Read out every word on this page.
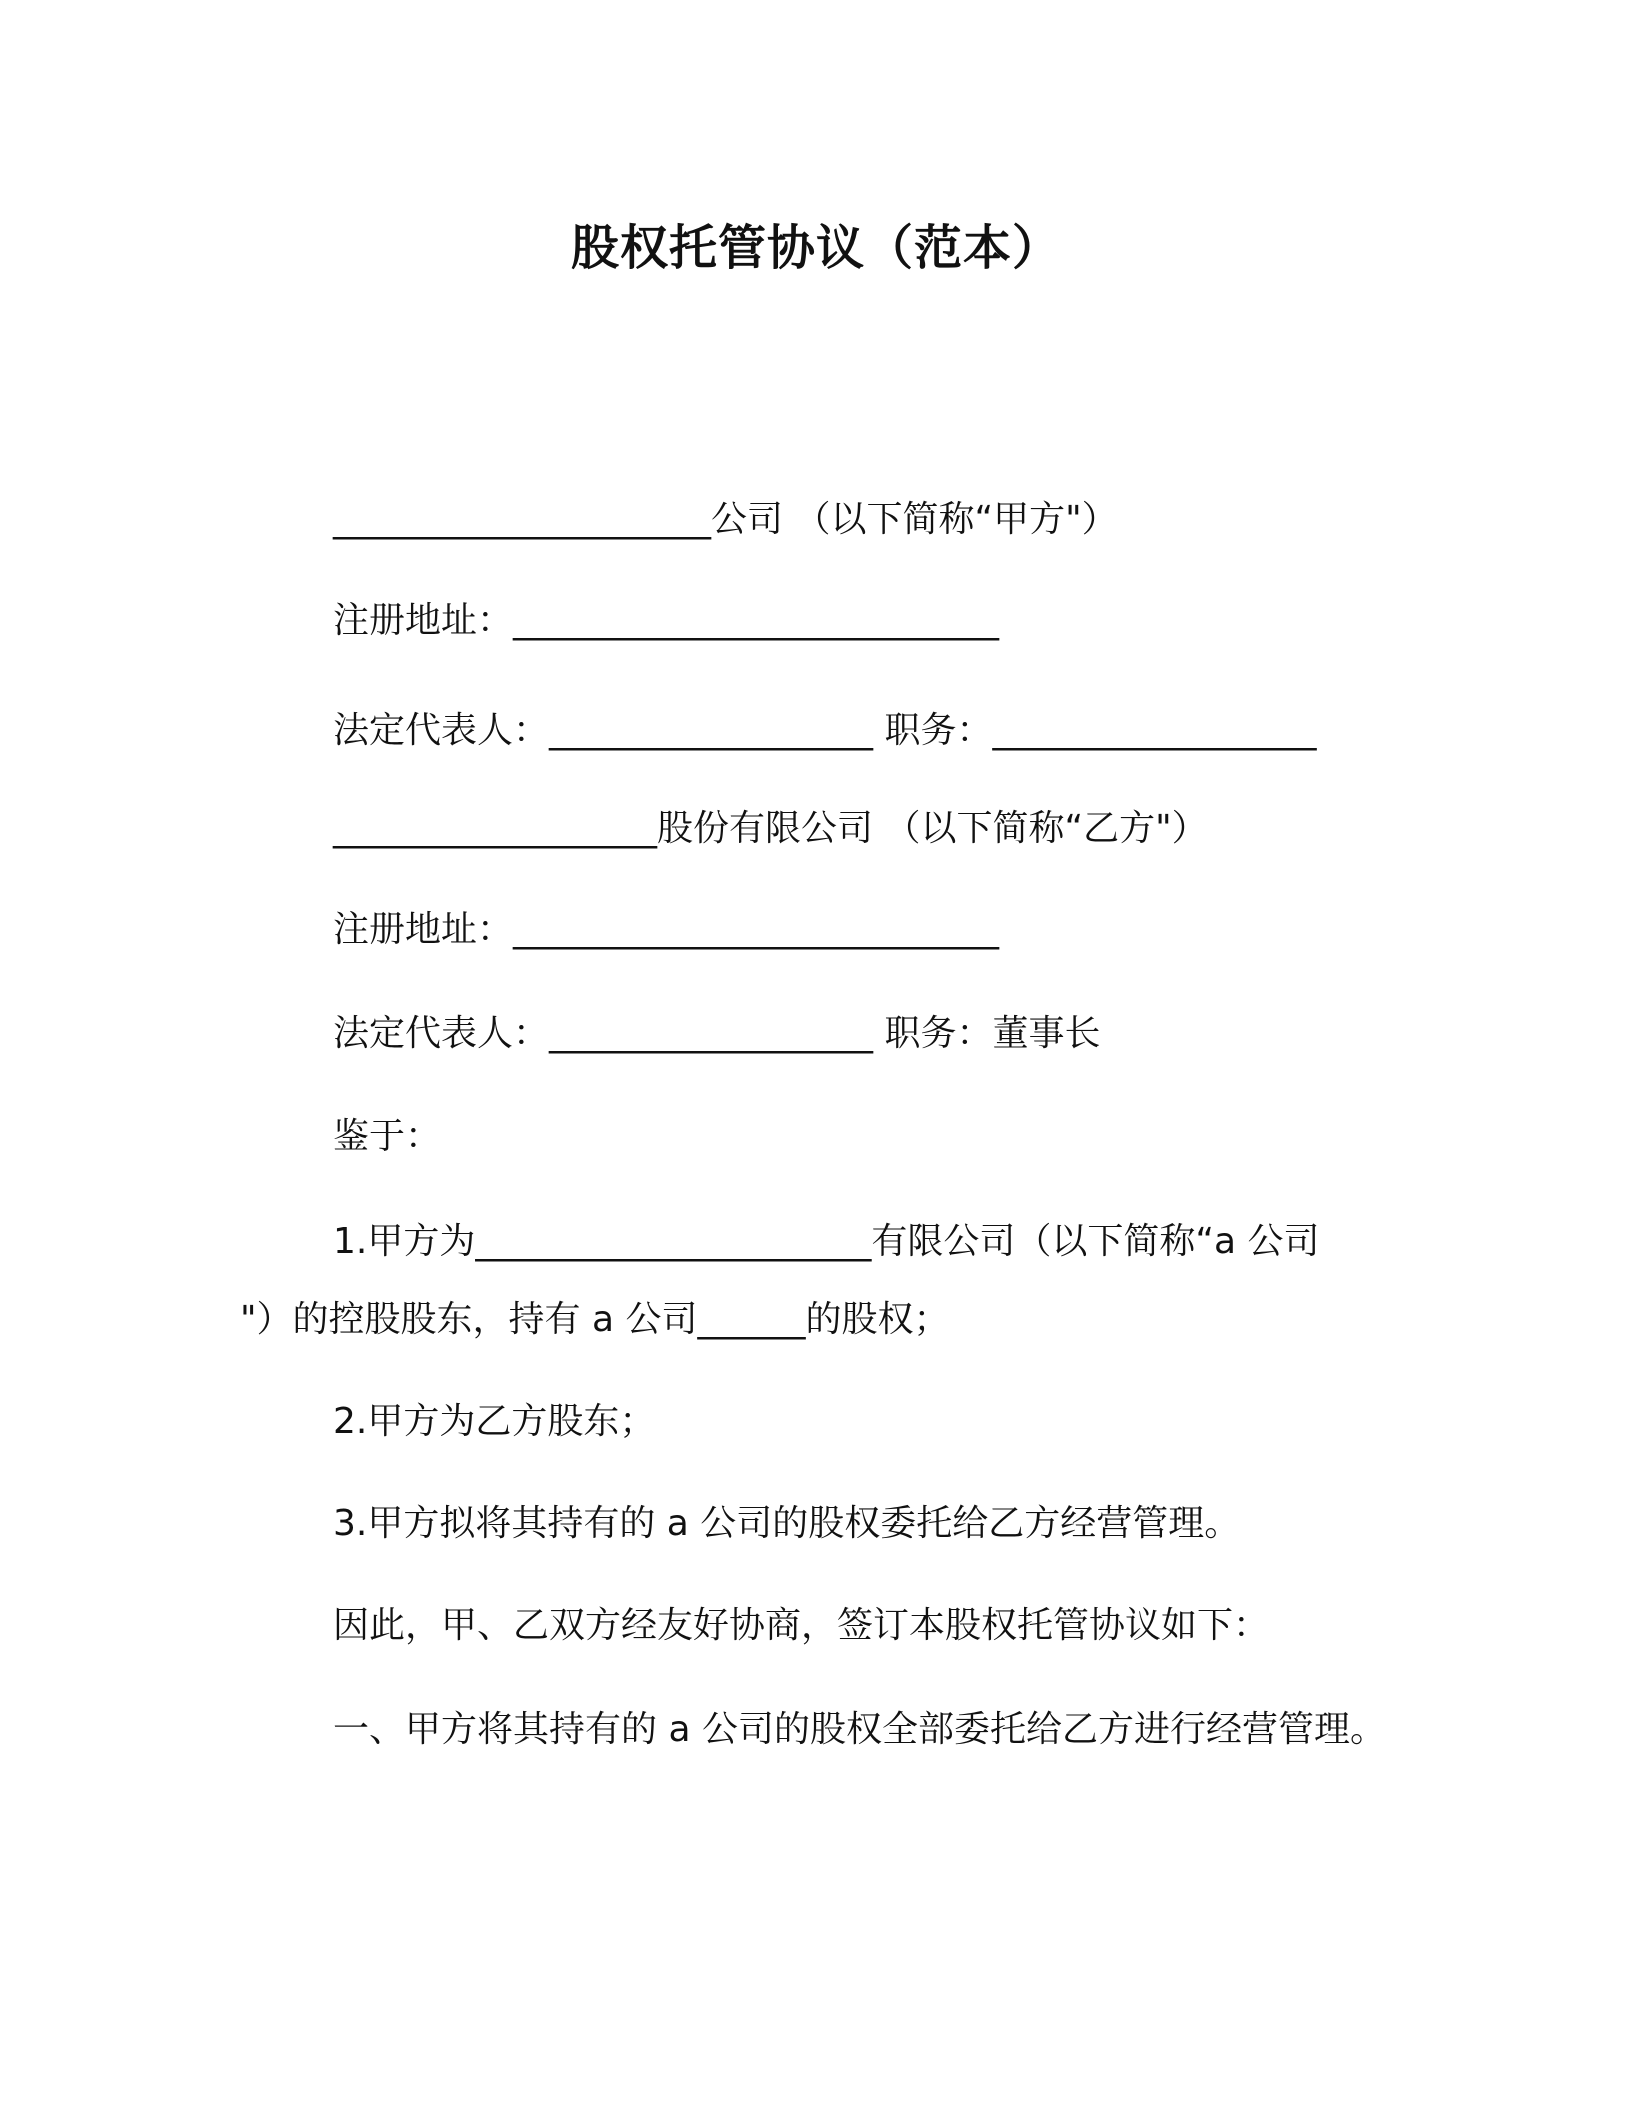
股权托管协议（范本）

_____________________公司 （以下简称“甲方"）

注册地址：___________________________

法定代表人：__________________ 职务：__________________

__________________股份有限公司 （以下简称“乙方"）

注册地址：___________________________

法定代表人：__________________ 职务：董事长

鉴于：

1.甲方为______________________有限公司（以下简称“a 公司

"）的控股股东，持有 a 公司______的股权；

2.甲方为乙方股东；

3.甲方拟将其持有的 a 公司的股权委托给乙方经营管理。

因此，甲、乙双方经友好协商，签订本股权托管协议如下：

一、甲方将其持有的 a 公司的股权全部委托给乙方进行经营管理。
